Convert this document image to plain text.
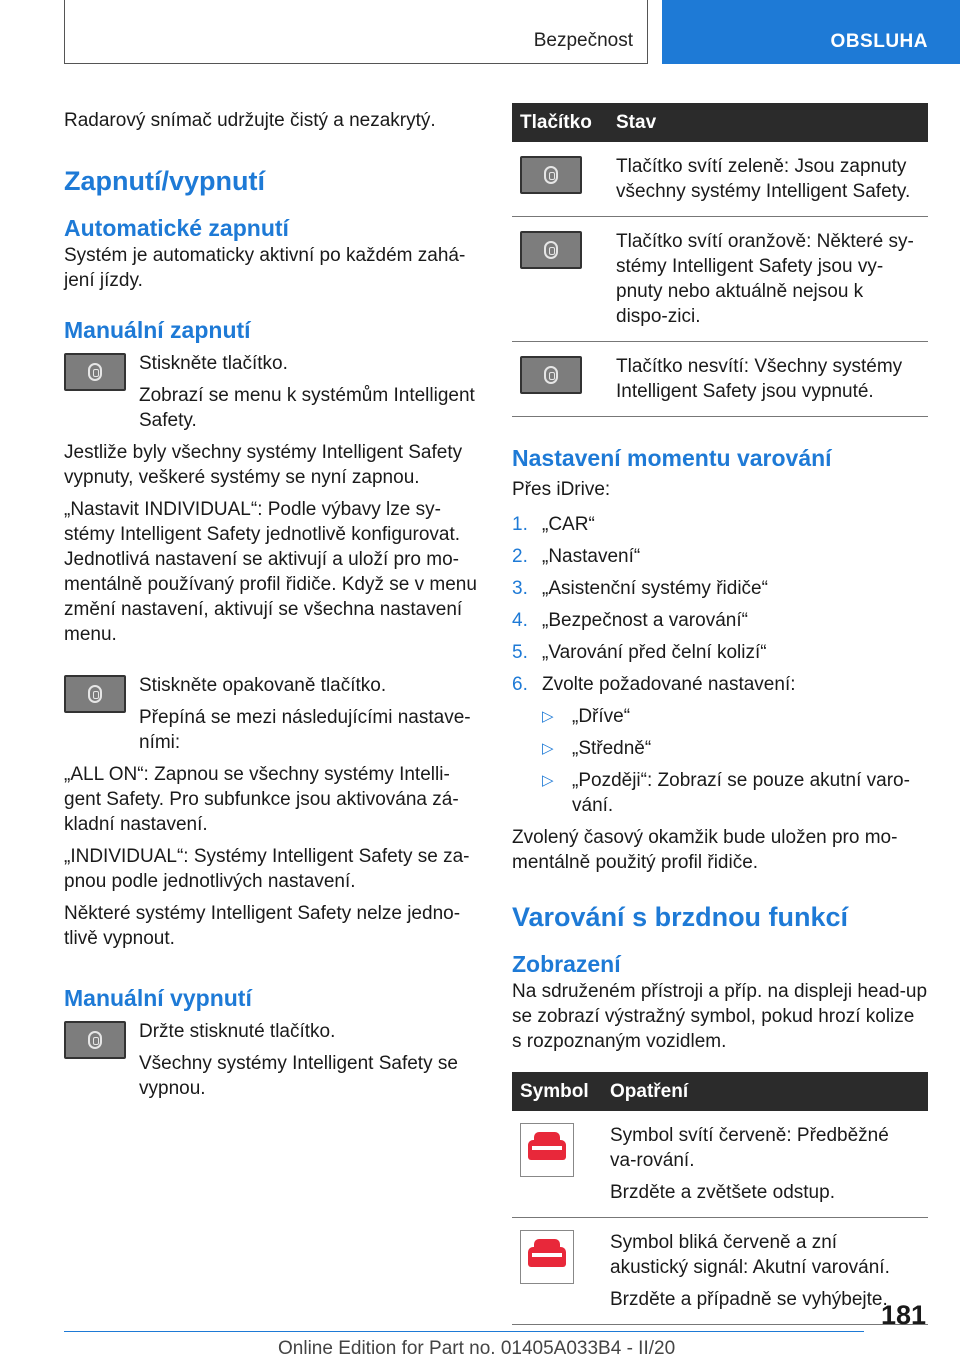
Bezpečnost	OBSLUHA

Radarový snímač udržujte čistý a nezakrytý.

Zapnutí/vypnutí
Automatické zapnutí

Systém je automaticky aktivní po každém zahá-jení jízdy.

Manuální zapnutí

Stiskněte tlačítko.

Zobrazí se menu k systémům Intelligent Safety.

Jestliže byly všechny systémy Intelligent Safety vypnuty, veškeré systémy se nyní zapnou.

„Nastavit INDIVIDUAL“: Podle výbavy lze sy-stémy Intelligent Safety jednotlivě konfigurovat. Jednotlivá nastavení se aktivují a uloží pro mo-mentálně používaný profil řidiče. Když se v menu změní nastavení, aktivují se všechna nastavení menu.

Stiskněte opakovaně tlačítko.

Přepíná se mezi následujícími nastave-ními:

„ALL ON“: Zapnou se všechny systémy Intelli-gent Safety. Pro subfunkce jsou aktivována zá-kladní nastavení.

„INDIVIDUAL“: Systémy Intelligent Safety se za-pnou podle jednotlivých nastavení.

Některé systémy Intelligent Safety nelze jedno-tlivě vypnout.

Manuální vypnutí

Držte stisknuté tlačítko.

Všechny systémy Intelligent Safety se vypnou.

Tlačítko	Stav

	Tlačítko svítí zeleně: Jsou zapnuty všechny systémy Intelligent Safety.

	Tlačítko svítí oranžově: Některé sy-stémy Intelligent Safety jsou vy-pnuty nebo aktuálně nejsou k dispo-zici.

	Tlačítko nesvítí: Všechny systémy Intelligent Safety jsou vypnuté.
Nastavení momentu varování

Přes iDrive:

1. „CAR“
2. „Nastavení“
3. „Asistenční systémy řidiče“
4. „Bezpečnost a varování“
5. „Varování před čelní kolizí“
6. Zvolte požadované nastavení:
▷ „Dříve“
▷ „Středně“
▷ „Později“: Zobrazí se pouze akutní varo-vání.

Zvolený časový okamžik bude uložen pro mo-mentálně použitý profil řidiče.

Varování s brzdnou funkcí
Zobrazení

Na sdruženém přístroji a příp. na displeji head-up se zobrazí výstražný symbol, pokud hrozí kolize s rozpoznaným vozidlem.

Symbol	Opatření

	Symbol svítí červeně: Předběžné va-rování.

Brzděte a zvětšete odstup.

	Symbol bliká červeně a zní akustický signál: Akutní varování.

Brzděte a případně se vyhýbejte.

181
Online Edition for Part no. 01405A033B4 - II/20
